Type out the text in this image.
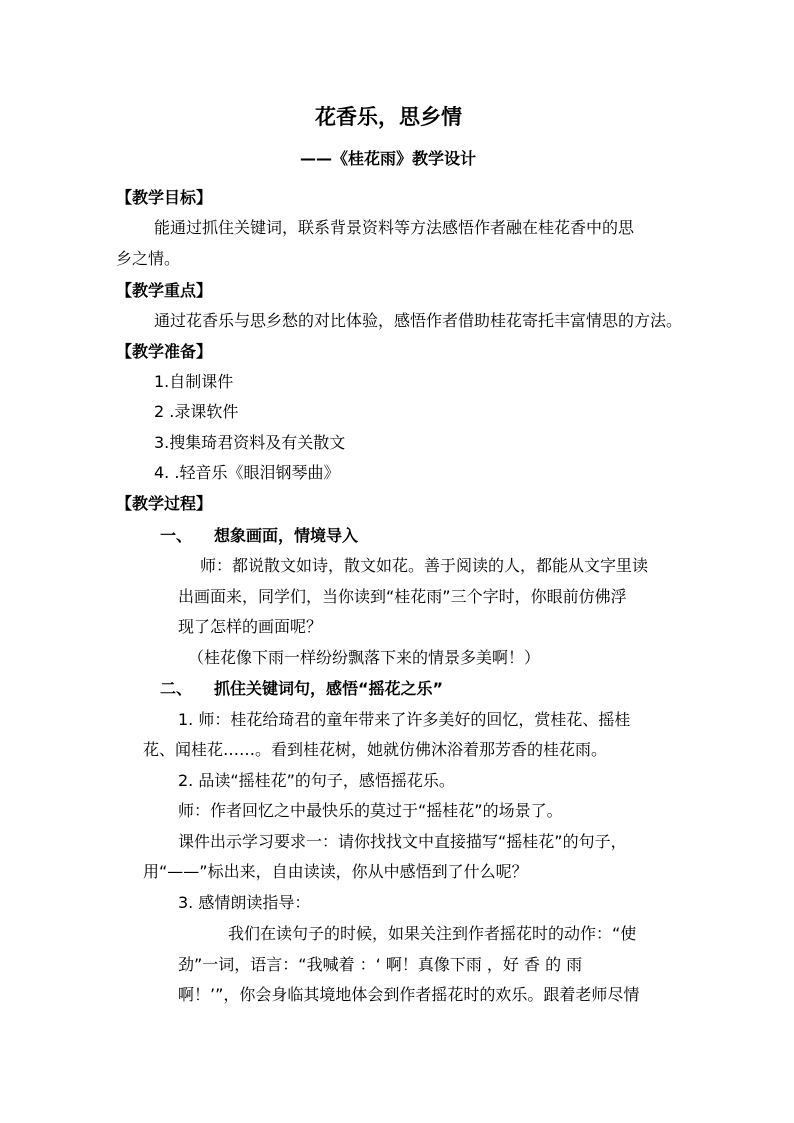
花香乐，思乡情
——《桂花雨》教学设计
【教学目标】
能通过抓住关键词，联系背景资料等方法感悟作者融在桂花香中的思
乡之情。
【教学重点】
通过花香乐与思乡愁的对比体验，感悟作者借助桂花寄托丰富情思的方法。
【教学准备】
1.自制课件
2 .录课软件
3.搜集琦君资料及有关散文
4. .轻音乐《眼泪钢琴曲》
【教学过程】
一、 想象画面，情境导入
师：都说散文如诗，散文如花。善于阅读的人，都能从文字里读
出画面来，同学们，当你读到“桂花雨”三个字时，你眼前仿佛浮
现了怎样的画面呢？
（桂花像下雨一样纷纷飘落下来的情景多美啊！）
二、 抓住关键词句，感悟“摇花之乐”
1. 师：桂花给琦君的童年带来了许多美好的回忆，赏桂花、摇桂
花、闻桂花……。看到桂花树，她就仿佛沐浴着那芳香的桂花雨。
2. 品读“摇桂花”的句子，感悟摇花乐。
师：作者回忆之中最快乐的莫过于“摇桂花”的场景了。
课件出示学习要求一：请你找找文中直接描写“摇桂花”的句子，
用“——”标出来，自由读读，你从中感悟到了什么呢？
3. 感情朗读指导：
我们在读句子的时候，如果关注到作者摇花时的动作：“使
劲”一词，语言：“我喊着 ：‘ 啊！真像下雨 ，好 香 的 雨
啊！’”，你会身临其境地体会到作者摇花时的欢乐。跟着老师尽情
